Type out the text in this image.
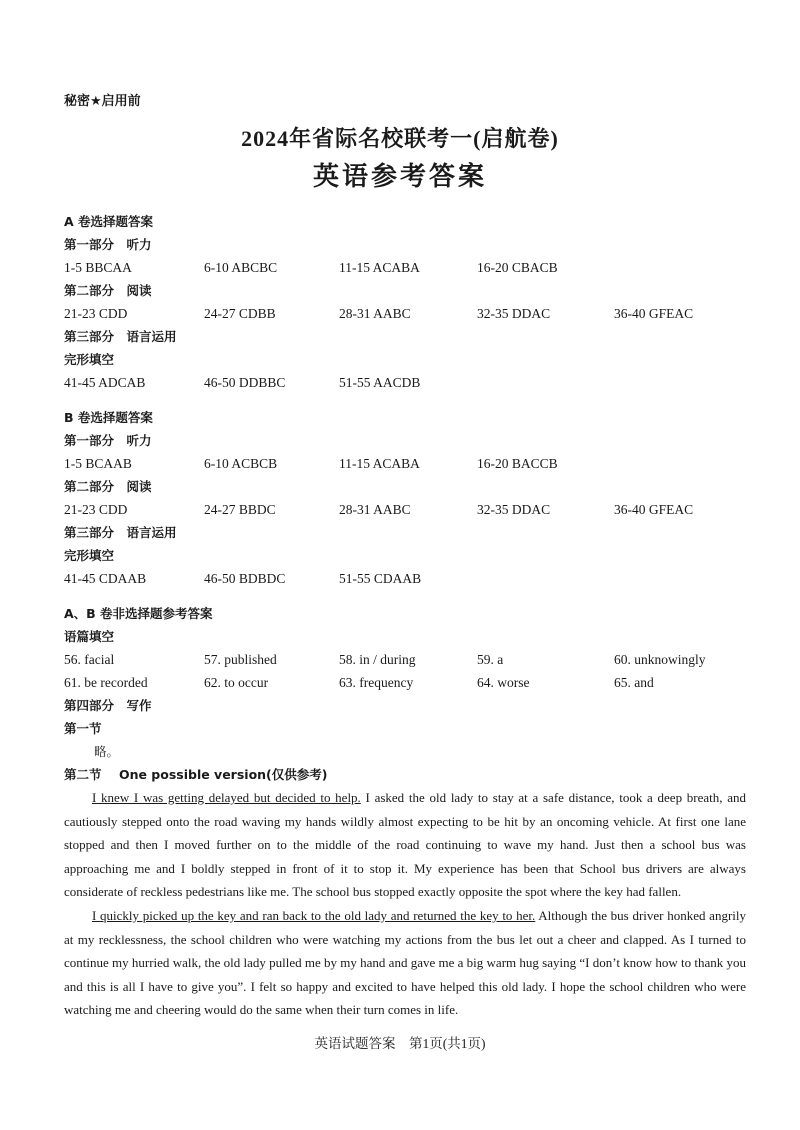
秘密★启用前
2024年省际名校联考一(启航卷)
英语参考答案
A 卷选择题答案
第一部分　听力
1-5 BBCAA	6-10 ABCBC	11-15 ACABA	16-20 CBACB
第二部分　阅读
21-23 CDD	24-27 CDBB	28-31 AABC	32-35 DDAC	36-40 GFEAC
第三部分　语言运用
完形填空
41-45 ADCAB	46-50 DDBBC	51-55 AACDB
B 卷选择题答案
第一部分　听力
1-5 BCAAB	6-10 ACBCB	11-15 ACABA	16-20 BACCB
第二部分　阅读
21-23 CDD	24-27 BBDC	28-31 AABC	32-35 DDAC	36-40 GFEAC
第三部分　语言运用
完形填空
41-45 CDAAB	46-50 BDBDC	51-55 CDAAB
A、B 卷非选择题参考答案
语篇填空
56. facial	57. published	58. in / during	59. a	60. unknowingly
61. be recorded	62. to occur	63. frequency	64. worse	65. and
第四部分　写作
第一节
略。
第二节 One possible version(仅供参考)

I knew I was getting delayed but decided to help. I asked the old lady to stay at a safe distance, took a deep breath, and cautiously stepped onto the road waving my hands wildly almost expecting to be hit by an oncoming vehicle. At first one lane stopped and then I moved further on to the middle of the road continuing to wave my hand. Just then a school bus was approaching me and I boldly stepped in front of it to stop it. My experience has been that School bus drivers are always considerate of reckless pedestrians like me. The school bus stopped exactly opposite the spot where the key had fallen.

I quickly picked up the key and ran back to the old lady and returned the key to her. Although the bus driver honked angrily at my recklessness, the school children who were watching my actions from the bus let out a cheer and clapped. As I turned to continue my hurried walk, the old lady pulled me by my hand and gave me a big warm hug saying “I don’t know how to thank you and this is all I have to give you”. I felt so happy and excited to have helped this old lady. I hope the school children who were watching me and cheering would do the same when their turn comes in life.

英语试题答案　第1页(共1页)
